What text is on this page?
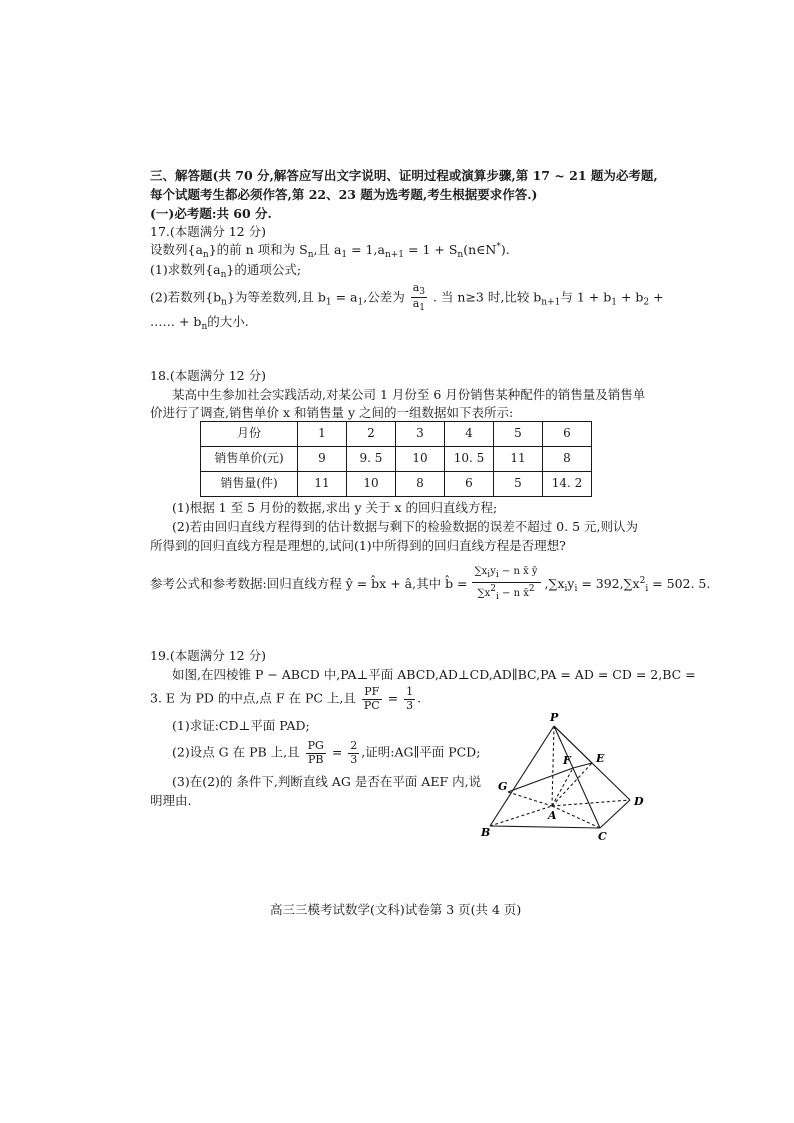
三、解答题(共 70 分,解答应写出文字说明、证明过程或演算步骤,第 17 ~ 21 题为必考题,
每个试题考生都必须作答,第 22、23 题为选考题,考生根据要求作答.)
(一)必考题:共 60 分.
17.(本题满分 12 分)
设数列$\{a_n\}$的前 n 项和为 $S_n$,且 $a_1 = 1,a_{n+1} = 1$ + $S_n(n\in N^*)$.
(1)求数列$\{a_n\}$的通项公式;
(2)若数列$\{b_n\}$为等差数列,且 $b_1 = a_1$,公差为 $\frac{a_3}{a_1}$ . 当 n≥3 时,比较 $b_{n+1}$与 $1 + b_1 + b_2$ +
…… + $b_n$的大小.
18.(本题满分 12 分)
某高中生参加社会实践活动,对某公司 1 月份至 6 月份销售某种配件的销售量及销售单
价进行了调查,销售单价 x 和销售量 y 之间的一组数据如下表所示:
月份	1	2	3	4	5	6
销售单价(元)	9	9. 5	10	10. 5	11	8
销售量(件)	11	10	8	6	5	14. 2
(1)根据 1 至 5 月份的数据,求出 y 关于 x 的回归直线方程;
(2)若由回归直线方程得到的估计数据与剩下的检验数据的误差不超过 0. 5 元,则认为
所得到的回归直线方程是理想的,试问(1)中所得到的回归直线方程是否理想?
参考公式和参考数据:回归直线方程 ŷ = b̂x + â,其中 b̂ = $\frac{\text{∑xiyi − n x̄ ȳ}}{\text{∑x2i − n x̄2}} ,\sum x_iy_i = 392,\sum x^2_i = 502$. 5.
19.(本题满分 12 分)
如图,在四棱锥 P − ABCD 中,PA⊥平面 ABCD,AD⊥CD,AD∥BC,PA = AD = CD = 2,BC =
3. E 为 PD 的中点,点 F 在 PC 上,且 $\frac{PF}{PC} = \frac{1}{3}$ .
(1)求证:CD⊥平面 PAD;
(2)设点 G 在 PB 上,且 $\frac{PG}{PB} = \frac{2}{3}$ ,证明:AG∥平面 PCD;
(3)在(2)的 条件下,判断直线 AG 是否在平面 AEF 内,说
明理由.
P
A
B	C
D
E
F
G
高三三模考试数学(文科)试卷第 3 页(共 4 页)
